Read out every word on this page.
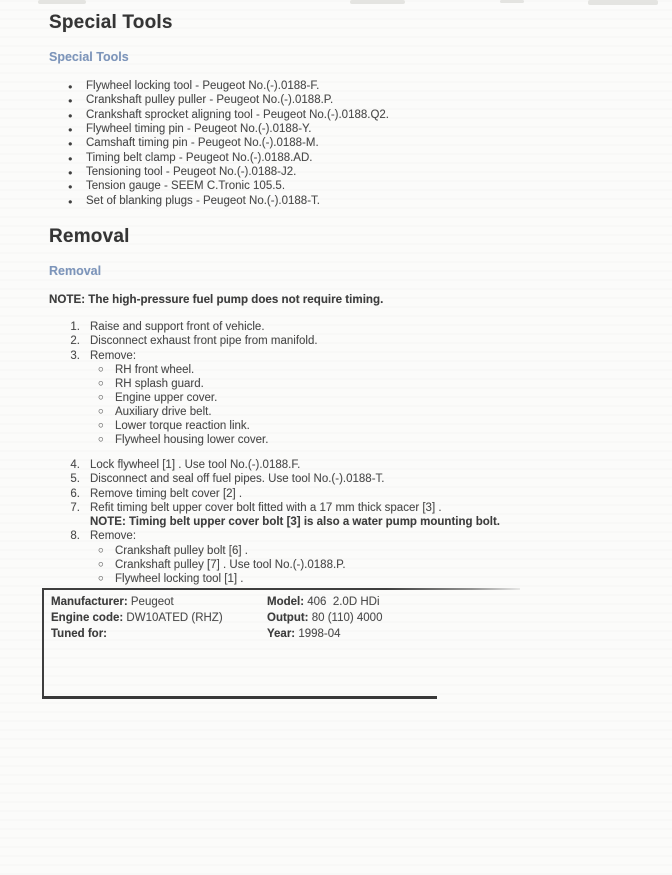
Special Tools
Special Tools
● Flywheel locking tool - Peugeot No.(-).0188-F.
● Crankshaft pulley puller - Peugeot No.(-).0188.P.
● Crankshaft sprocket aligning tool - Peugeot No.(-).0188.Q2.
● Flywheel timing pin - Peugeot No.(-).0188-Y.
● Camshaft timing pin - Peugeot No.(-).0188-M.
● Timing belt clamp - Peugeot No.(-).0188.AD.
● Tensioning tool - Peugeot No.(-).0188-J2.
● Tension gauge - SEEM C.Tronic 105.5.
● Set of blanking plugs - Peugeot No.(-).0188-T.
Removal
Removal
NOTE: The high-pressure fuel pump does not require timing.
1. Raise and support front of vehicle.
2. Disconnect exhaust front pipe from manifold.
3. Remove:
○ RH front wheel.
○ RH splash guard.
○ Engine upper cover.
○ Auxiliary drive belt.
○ Lower torque reaction link.
○ Flywheel housing lower cover.
4. Lock flywheel [1] . Use tool No.(-).0188.F.
5. Disconnect and seal off fuel pipes. Use tool No.(-).0188-T.
6. Remove timing belt cover [2] .
7. Refit timing belt upper cover bolt fitted with a 17 mm thick spacer [3] .
NOTE: Timing belt upper cover bolt [3] is also a water pump mounting bolt.
8. Remove:
○ Crankshaft pulley bolt [6] .
○ Crankshaft pulley [7] . Use tool No.(-).0188.P.
○ Flywheel locking tool [1] .
Manufacturer: Peugeot
Engine code: DW10ATED (RHZ)
Tuned for:
Model: 406  2.0D HDi
Output: 80 (110) 4000
Year: 1998-04
